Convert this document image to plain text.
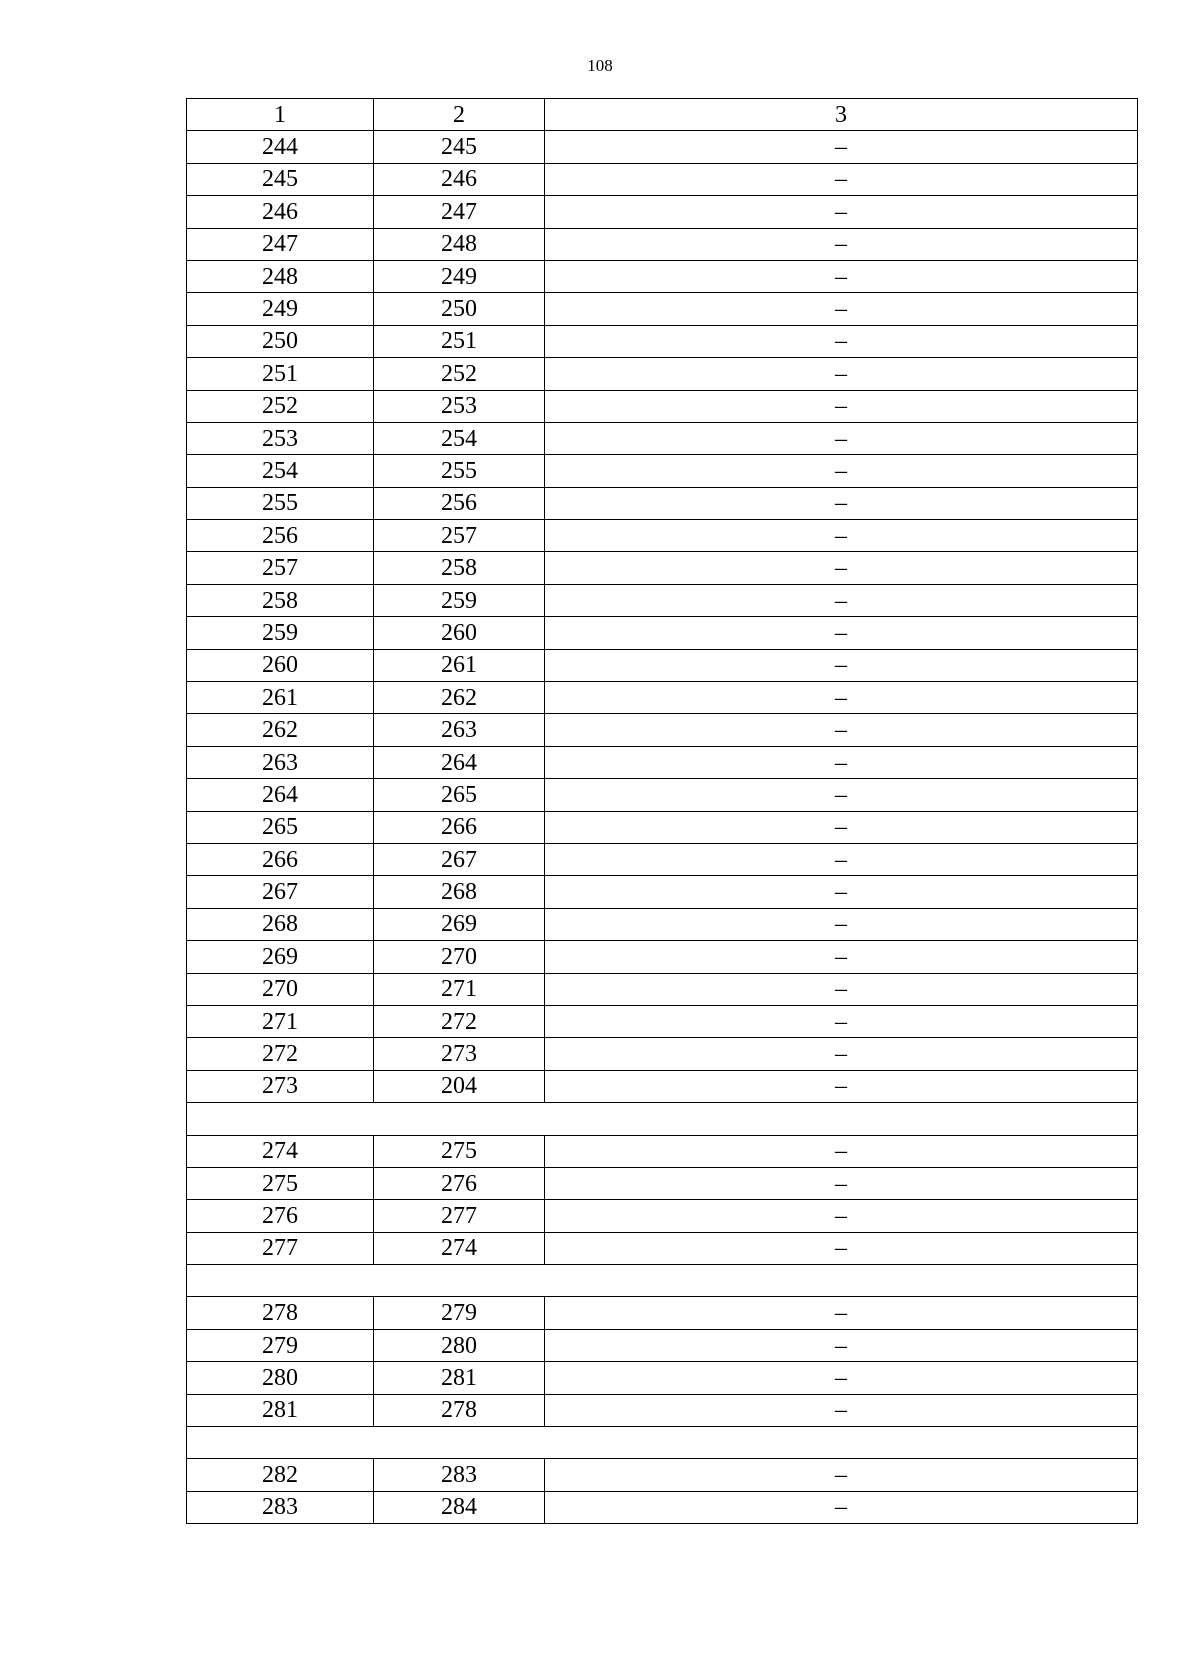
108
1	2	3
244	245	–
245	246	–
246	247	–
247	248	–
248	249	–
249	250	–
250	251	–
251	252	–
252	253	–
253	254	–
254	255	–
255	256	–
256	257	–
257	258	–
258	259	–
259	260	–
260	261	–
261	262	–
262	263	–
263	264	–
264	265	–
265	266	–
266	267	–
267	268	–
268	269	–
269	270	–
270	271	–
271	272	–
272	273	–
273	204	–

274	275	–
275	276	–
276	277	–
277	274	–

278	279	–
279	280	–
280	281	–
281	278	–

282	283	–
283	284	–
